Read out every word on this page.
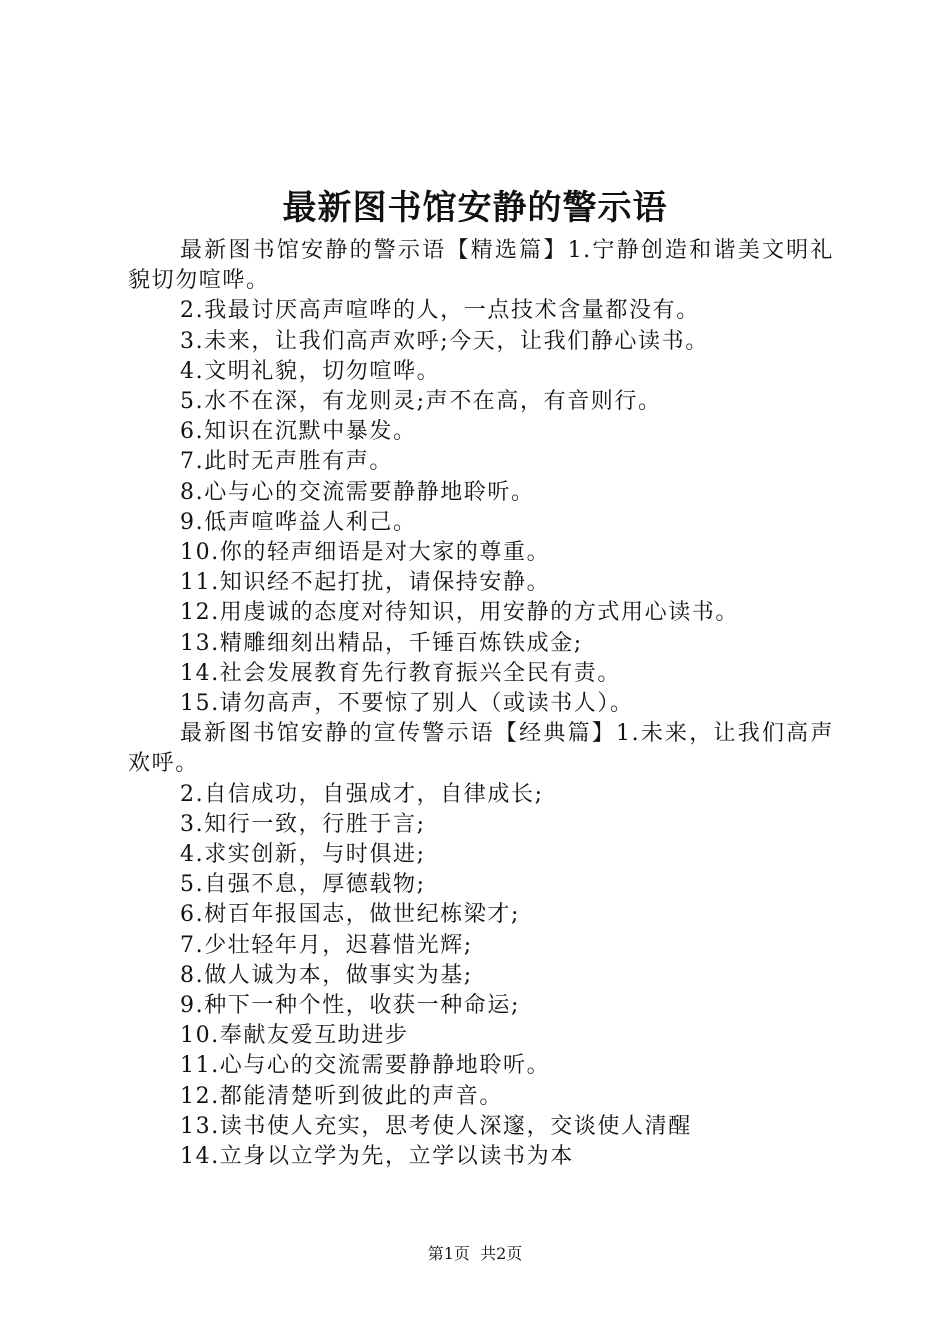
最新图书馆安静的警示语

最新图书馆安静的警示语【精选篇】1.宁静创造和谐美文明礼貌切勿喧哗。

2.我最讨厌高声喧哗的人，一点技术含量都没有。

3.未来，让我们高声欢呼;今天，让我们静心读书。

4.文明礼貌，切勿喧哗。

5.水不在深，有龙则灵;声不在高，有音则行。

6.知识在沉默中暴发。

7.此时无声胜有声。

8.心与心的交流需要静静地聆听。

9.低声喧哗益人利己。

10.你的轻声细语是对大家的尊重。

11.知识经不起打扰，请保持安静。

12.用虔诚的态度对待知识，用安静的方式用心读书。

13.精雕细刻出精品，千锤百炼铁成金;

14.社会发展教育先行教育振兴全民有责。

15.请勿高声，不要惊了别人（或读书人）。

最新图书馆安静的宣传警示语【经典篇】1.未来，让我们高声欢呼。

2.自信成功，自强成才，自律成长;

3.知行一致，行胜于言;

4.求实创新，与时俱进;

5.自强不息，厚德载物;

6.树百年报国志，做世纪栋梁才;

7.少壮轻年月，迟暮惜光辉;

8.做人诚为本，做事实为基;

9.种下一种个性，收获一种命运;

10.奉献友爱互助进步

11.心与心的交流需要静静地聆听。

12.都能清楚听到彼此的声音。

13.读书使人充实，思考使人深邃，交谈使人清醒

14.立身以立学为先，立学以读书为本

第1页 共2页
